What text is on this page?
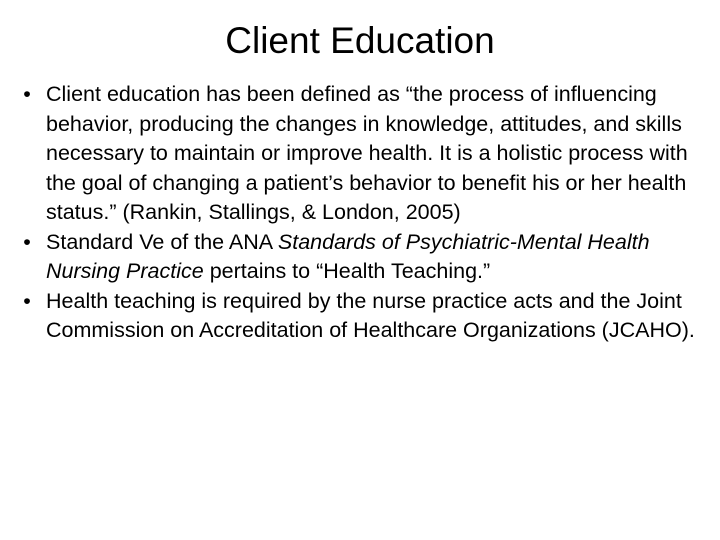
Client Education
• Client education has been defined as “the process of influencing behavior, producing the changes in knowledge, attitudes, and skills necessary to maintain or improve health. It is a holistic process with the goal of changing a patient’s behavior to benefit his or her health status.” (Rankin, Stallings, & London, 2005)
• Standard Ve of the ANA Standards of Psychiatric-Mental Health Nursing Practice pertains to “Health Teaching.”
• Health teaching is required by the nurse practice acts and the Joint Commission on Accreditation of Healthcare Organizations (JCAHO).
